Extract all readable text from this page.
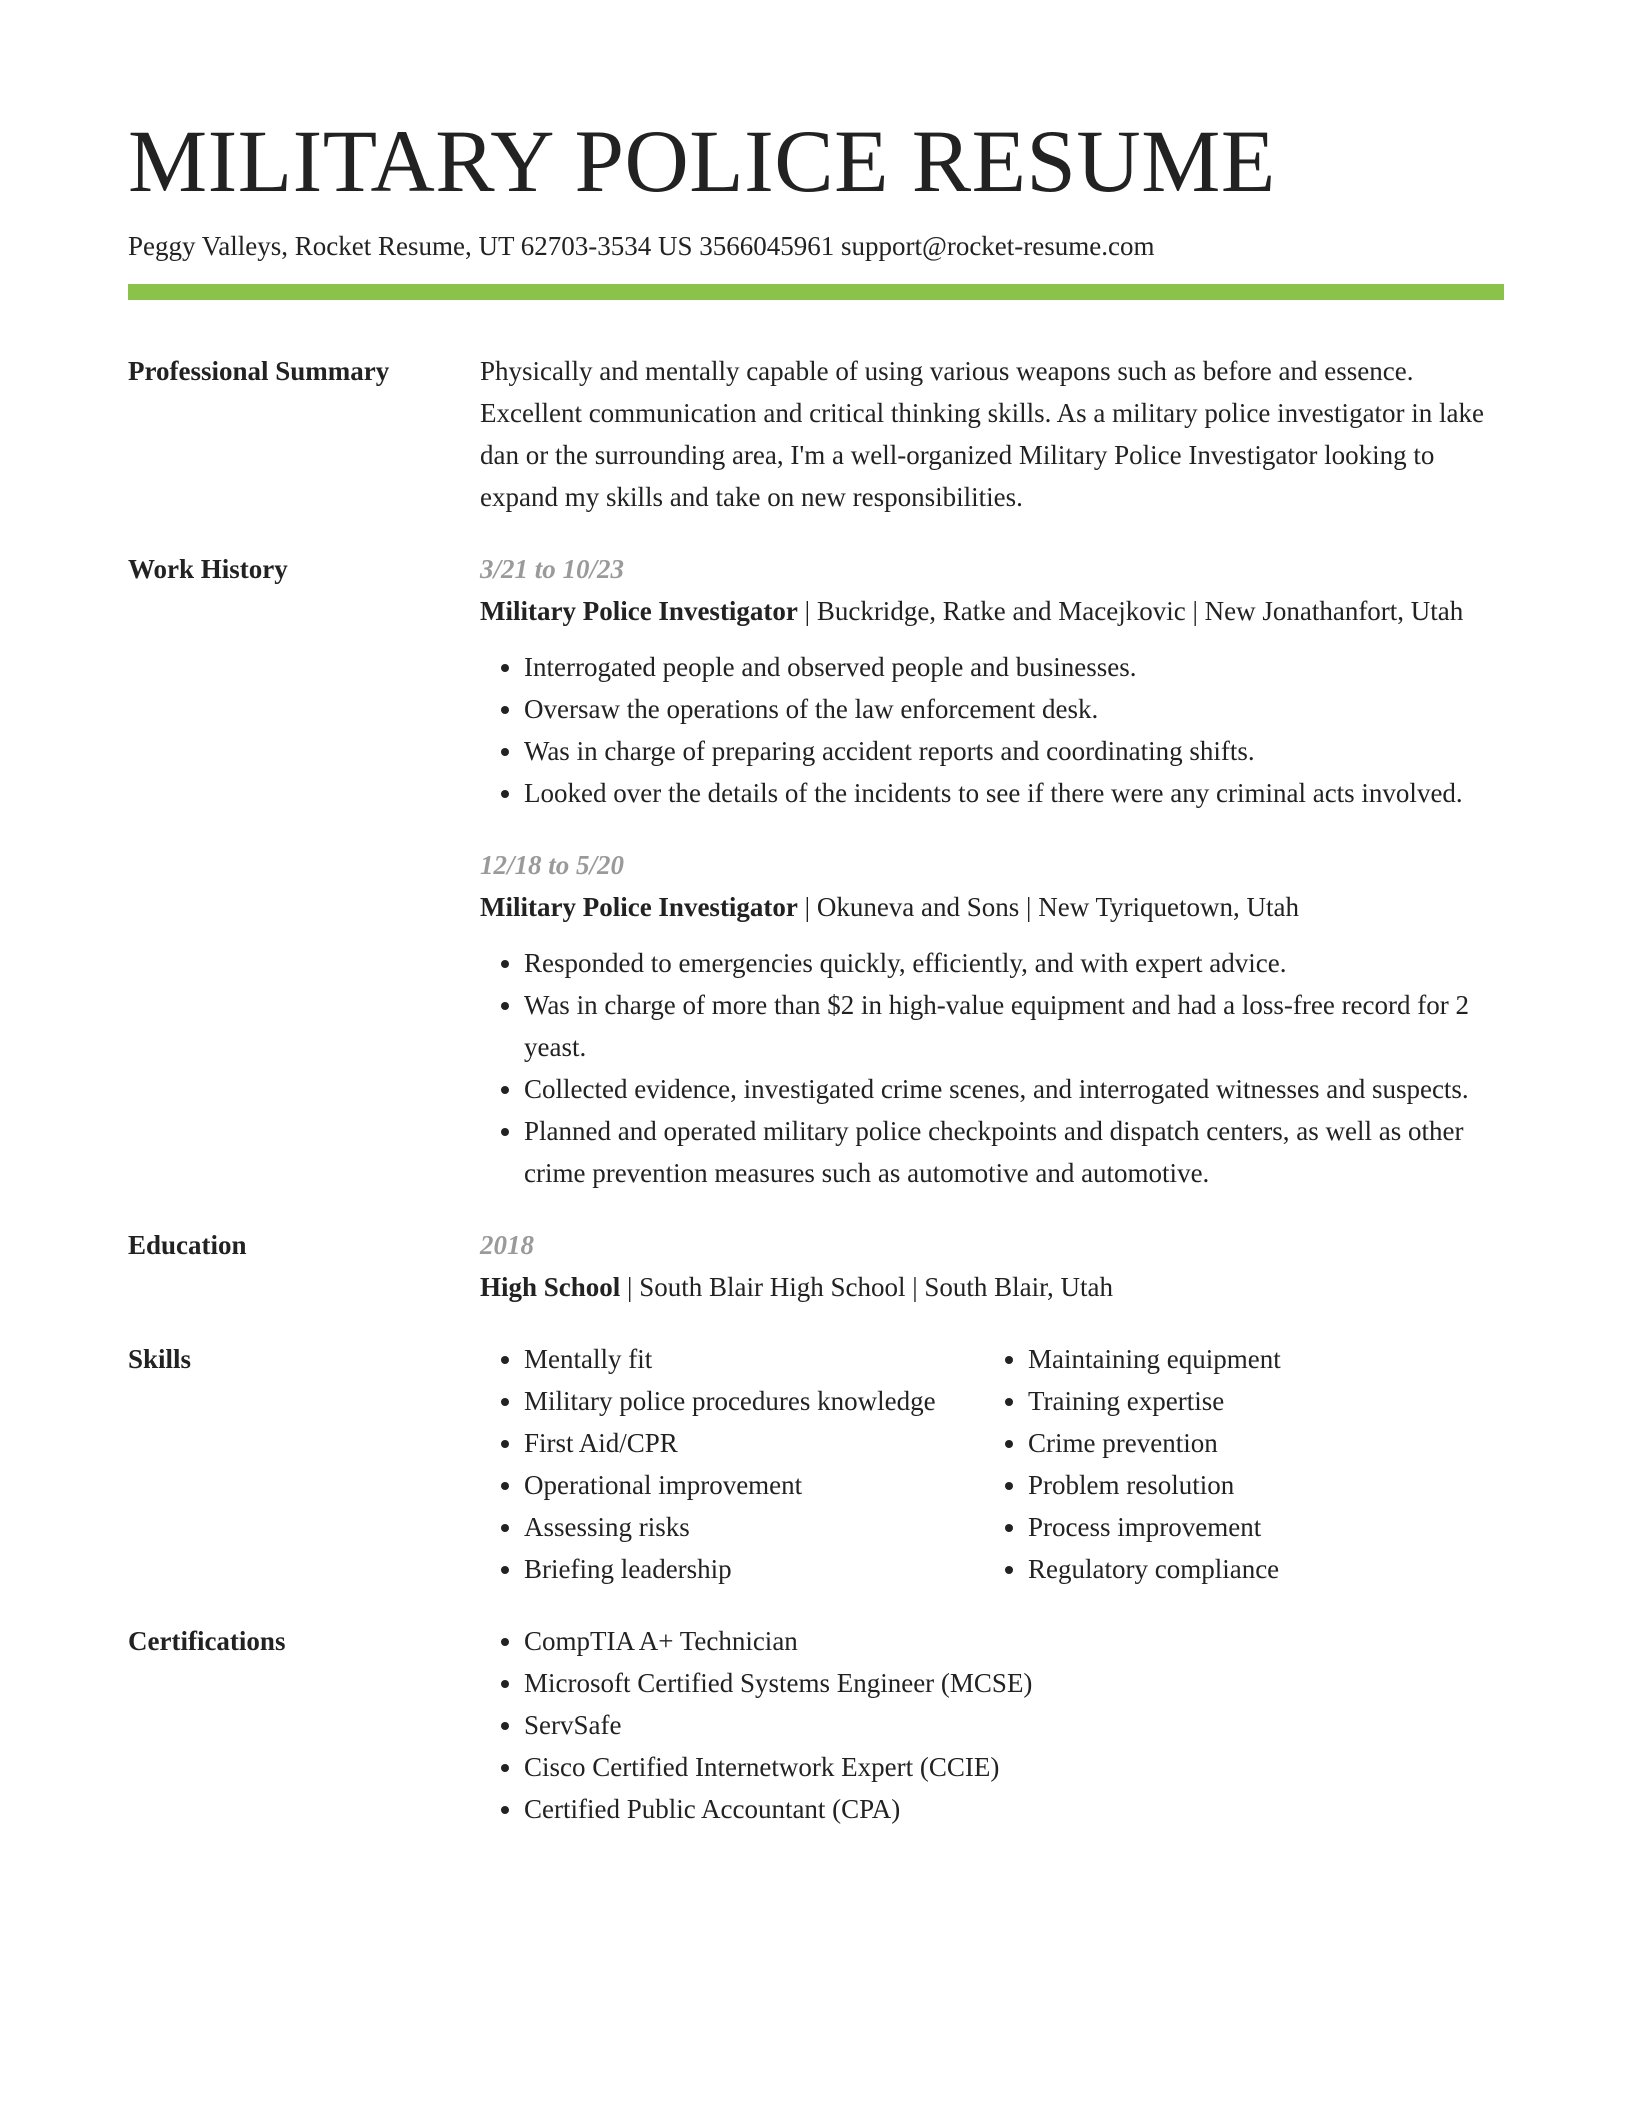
MILITARY POLICE RESUME
Peggy Valleys, Rocket Resume, UT 62703-3534 US 3566045961 support@rocket-resume.com
Professional Summary	Physically and mentally capable of using various weapons such as before and essence. Excellent communication and critical thinking skills. As a military police investigator in lake dan or the surrounding area, I'm a well-organized Military Police Investigator looking to expand my skills and take on new responsibilities.
Work History	3/21 to 10/23
Military Police Investigator | Buckridge, Ratke and Macejkovic | New Jonathanfort, Utah
• Interrogated people and observed people and businesses.
• Oversaw the operations of the law enforcement desk.
• Was in charge of preparing accident reports and coordinating shifts.
• Looked over the details of the incidents to see if there were any criminal acts involved.
12/18 to 5/20
Military Police Investigator | Okuneva and Sons | New Tyriquetown, Utah
• Responded to emergencies quickly, efficiently, and with expert advice.
• Was in charge of more than $2 in high-value equipment and had a loss-free record for 2 yeast.
• Collected evidence, investigated crime scenes, and interrogated witnesses and suspects.
• Planned and operated military police checkpoints and dispatch centers, as well as other crime prevention measures such as automotive and automotive.
Education	2018
High School | South Blair High School | South Blair, Utah
Skills	• Mentally fit
• Military police procedures knowledge
• First Aid/CPR
• Operational improvement
• Assessing risks
• Briefing leadership
• Maintaining equipment
• Training expertise
• Crime prevention
• Problem resolution
• Process improvement
• Regulatory compliance
Certifications	• CompTIA A+ Technician
• Microsoft Certified Systems Engineer (MCSE)
• ServSafe
• Cisco Certified Internetwork Expert (CCIE)
• Certified Public Accountant (CPA)
